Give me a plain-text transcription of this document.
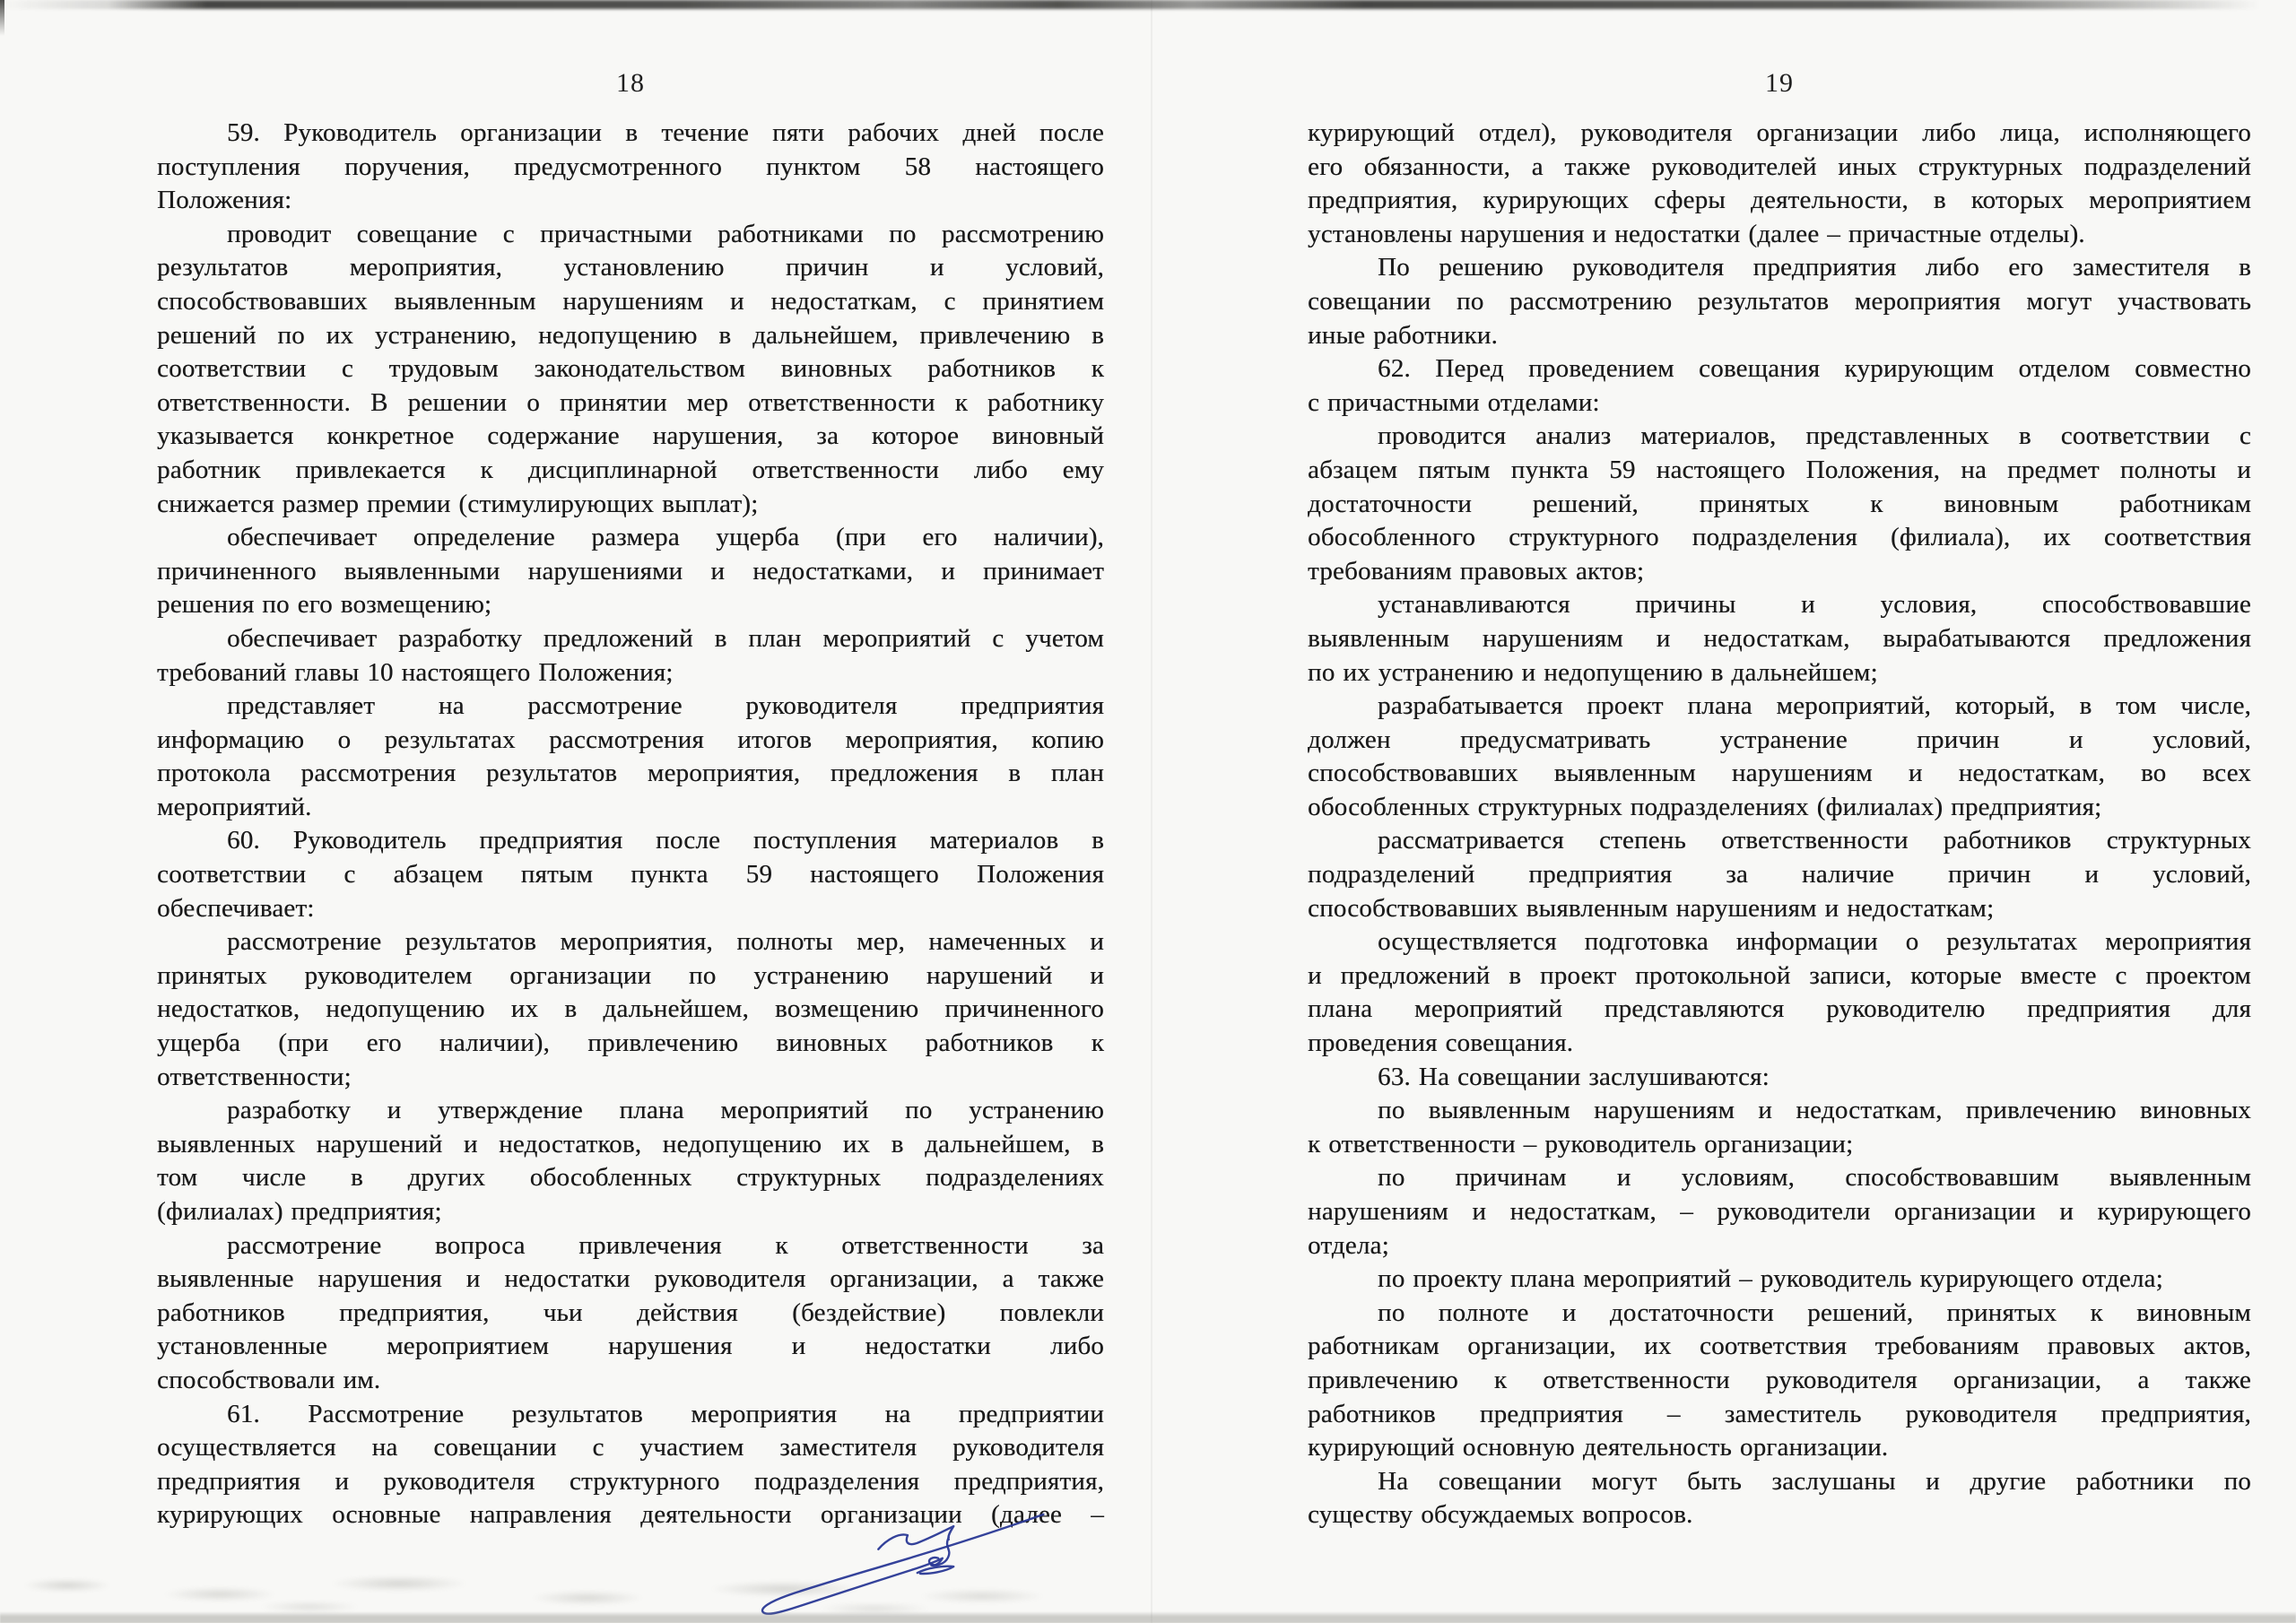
18
59. Руководитель организации в течение пяти рабочих дней после
поступления поручения, предусмотренного пунктом 58 настоящего
Положения:
проводит совещание с причастными работниками по рассмотрению
результатов мероприятия, установлению причин и условий,
способствовавших выявленным нарушениям и недостаткам, с принятием
решений по их устранению, недопущению в дальнейшем, привлечению в
соответствии с трудовым законодательством виновных работников к
ответственности. В решении о принятии мер ответственности к работнику
указывается конкретное содержание нарушения, за которое виновный
работник привлекается к дисциплинарной ответственности либо ему
снижается размер премии (стимулирующих выплат);
обеспечивает определение размера ущерба (при его наличии),
причиненного выявленными нарушениями и недостатками, и принимает
решения по его возмещению;
обеспечивает разработку предложений в план мероприятий с учетом
требований главы 10 настоящего Положения;
представляет на рассмотрение руководителя предприятия
информацию о результатах рассмотрения итогов мероприятия, копию
протокола рассмотрения результатов мероприятия, предложения в план
мероприятий.
60. Руководитель предприятия после поступления материалов в
соответствии с абзацем пятым пункта 59 настоящего Положения
обеспечивает:
рассмотрение результатов мероприятия, полноты мер, намеченных и
принятых руководителем организации по устранению нарушений и
недостатков, недопущению их в дальнейшем, возмещению причиненного
ущерба (при его наличии), привлечению виновных работников к
ответственности;
разработку и утверждение плана мероприятий по устранению
выявленных нарушений и недостатков, недопущению их в дальнейшем, в
том числе в других обособленных структурных подразделениях
(филиалах) предприятия;
рассмотрение вопроса привлечения к ответственности за
выявленные нарушения и недостатки руководителя организации, а также
работников предприятия, чьи действия (бездействие) повлекли
установленные мероприятием нарушения и недостатки либо
способствовали им.
61. Рассмотрение результатов мероприятия на предприятии
осуществляется на совещании с участием заместителя руководителя
предприятия и руководителя структурного подразделения предприятия,
курирующих основные направления деятельности организации (далее –
19
курирующий отдел), руководителя организации либо лица, исполняющего
его обязанности, а также руководителей иных структурных подразделений
предприятия, курирующих сферы деятельности, в которых мероприятием
установлены нарушения и недостатки (далее – причастные отделы).
По решению руководителя предприятия либо его заместителя в
совещании по рассмотрению результатов мероприятия могут участвовать
иные работники.
62. Перед проведением совещания курирующим отделом совместно
с причастными отделами:
проводится анализ материалов, представленных в соответствии с
абзацем пятым пункта 59 настоящего Положения, на предмет полноты и
достаточности решений, принятых к виновным работникам
обособленного структурного подразделения (филиала), их соответствия
требованиям правовых актов;
устанавливаются причины и условия, способствовавшие
выявленным нарушениям и недостаткам, вырабатываются предложения
по их устранению и недопущению в дальнейшем;
разрабатывается проект плана мероприятий, который, в том числе,
должен предусматривать устранение причин и условий,
способствовавших выявленным нарушениям и недостаткам, во всех
обособленных структурных подразделениях (филиалах) предприятия;
рассматривается степень ответственности работников структурных
подразделений предприятия за наличие причин и условий,
способствовавших выявленным нарушениям и недостаткам;
осуществляется подготовка информации о результатах мероприятия
и предложений в проект протокольной записи, которые вместе с проектом
плана мероприятий представляются руководителю предприятия для
проведения совещания.
63. На совещании заслушиваются:
по выявленным нарушениям и недостаткам, привлечению виновных
к ответственности – руководитель организации;
по причинам и условиям, способствовавшим выявленным
нарушениям и недостаткам, – руководители организации и курирующего
отдела;
по проекту плана мероприятий – руководитель курирующего отдела;
по полноте и достаточности решений, принятых к виновным
работникам организации, их соответствия требованиям правовых актов,
привлечению к ответственности руководителя организации, а также
работников предприятия – заместитель руководителя предприятия,
курирующий основную деятельность организации.
На совещании могут быть заслушаны и другие работники по
существу обсуждаемых вопросов.
